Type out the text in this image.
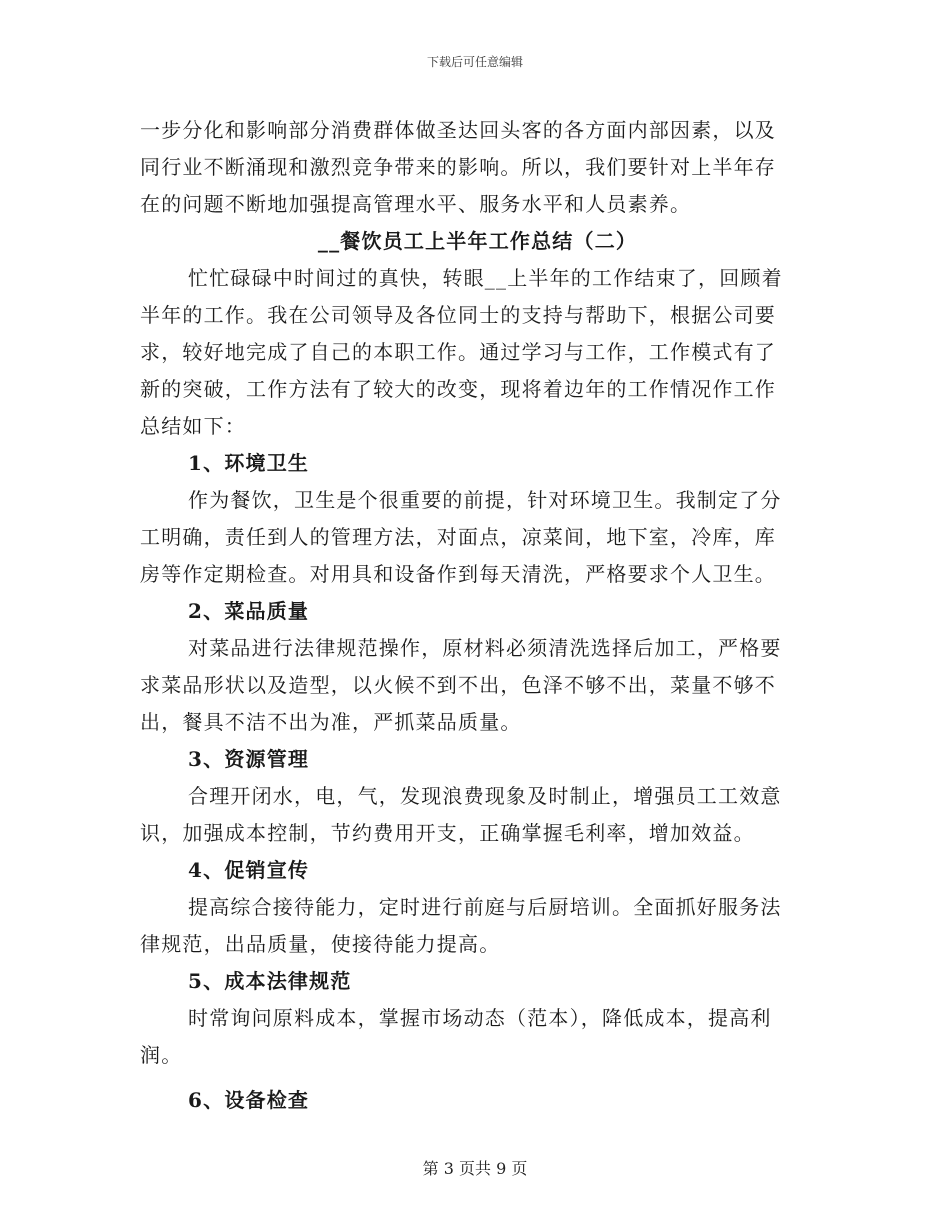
下载后可任意编辑
一步分化和影响部分消费群体做圣达回头客的各方面内部因素，以及
同行业不断涌现和激烈竞争带来的影响。所以，我们要针对上半年存
在的问题不断地加强提高管理水平、服务水平和人员素养。
__餐饮员工上半年工作总结（二）
忙忙碌碌中时间过的真快，转眼__上半年的工作结束了，回顾着
半年的工作。我在公司领导及各位同士的支持与帮助下，根据公司要
求，较好地完成了自己的本职工作。通过学习与工作，工作模式有了
新的突破，工作方法有了较大的改变，现将着边年的工作情况作工作
总结如下：
1、环境卫生
作为餐饮，卫生是个很重要的前提，针对环境卫生。我制定了分
工明确，责任到人的管理方法，对面点，凉菜间，地下室，冷库，库
房等作定期检查。对用具和设备作到每天清洗，严格要求个人卫生。
2、菜品质量
对菜品进行法律规范操作，原材料必须清洗选择后加工，严格要
求菜品形状以及造型，以火候不到不出，色泽不够不出，菜量不够不
出，餐具不洁不出为准，严抓菜品质量。
3、资源管理
合理开闭水，电，气，发现浪费现象及时制止，增强员工工效意
识，加强成本控制，节约费用开支，正确掌握毛利率，增加效益。
4、促销宣传
提高综合接待能力，定时进行前庭与后厨培训。全面抓好服务法
律规范，出品质量，使接待能力提高。
5、成本法律规范
时常询问原料成本，掌握市场动态（范本），降低成本，提高利
润。
6、设备检查
第 3 页共 9 页
